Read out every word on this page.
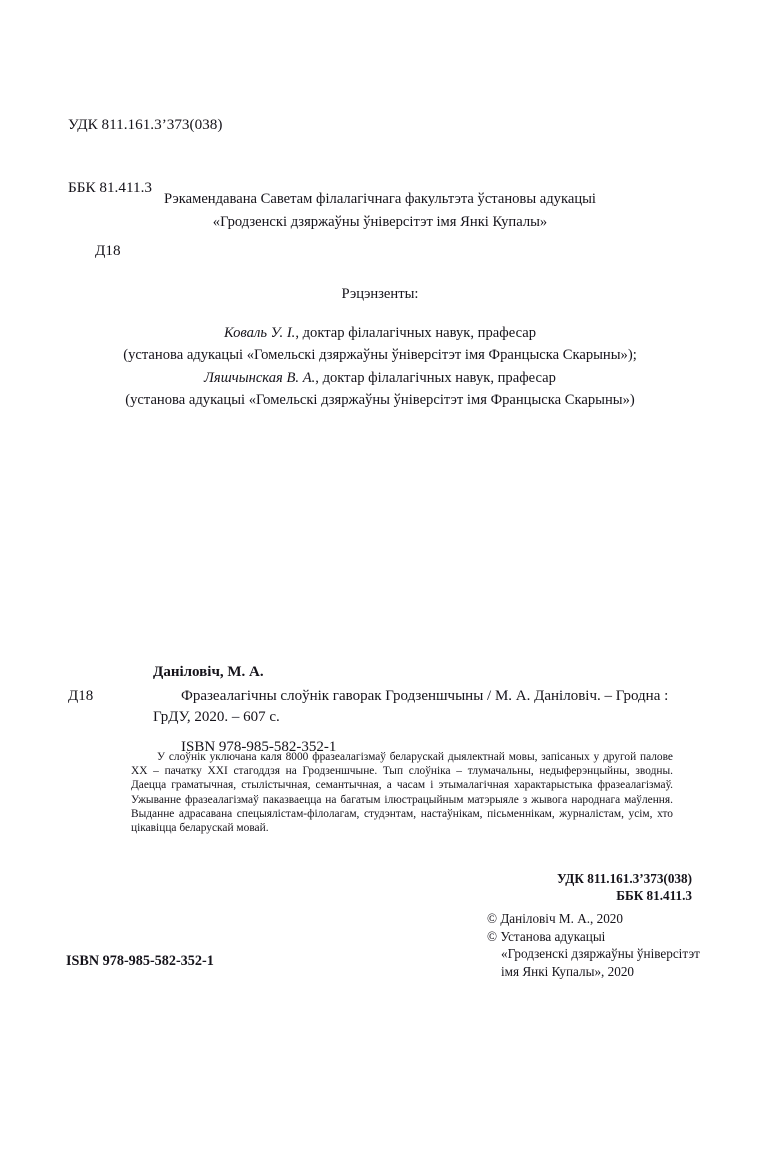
УДК 811.161.3’373(038)

ББК 81.411.3

Д18

Рэкамендавана Саветам філалагічнага факультэта ўстановы адукацыі
«Гродзенскі дзяржаўны ўніверсітэт імя Янкі Купалы»
Рэцэнзенты:
Коваль У. І., доктар філалагічных навук, прафесар
(установа адукацыі «Гомельскі дзяржаўны ўніверсітэт імя Францыска Скарыны»);
Ляшчынская В. А., доктар філалагічных навук, прафесар
(установа адукацыі «Гомельскі дзяржаўны ўніверсітэт імя Францыска Скарыны»)
Д18
Даніловіч, М. А.
Фразеалагічны слоўнік гаворак Гродзеншчыны / М. А. Даніловіч. – Гродна : ГрДУ, 2020. – 607 с.
ISBN 978-985-582-352-1
У слоўнік уключана каля 8000 фразеалагізмаў беларускай дыялектнай мовы, запісаных у другой палове ХХ – пачатку ХХІ стагоддзя на Гродзеншчыне. Тып слоўніка – тлумачальны, недыферэнцыйны, зводны. Даецца граматычная, стылістычная, семантычная, а часам і этымалагічная характарыстыка фразеалагізмаў. Ужыванне фразеалагізмаў паказваецца на багатым ілюстрацыйным матэрыяле з жывога народнага маўлення. Выданне адрасавана спецыялістам-філолагам, студэнтам, настаўнікам, пісьменнікам, журналістам, усім, хто цікавіцца беларускай мовай.
УДК 811.161.3’373(038)
ББК 81.411.3
© Даніловіч М. А., 2020
© Установа адукацыі
«Гродзенскі дзяржаўны ўніверсітэт
імя Янкі Купалы», 2020
ISBN 978-985-582-352-1
